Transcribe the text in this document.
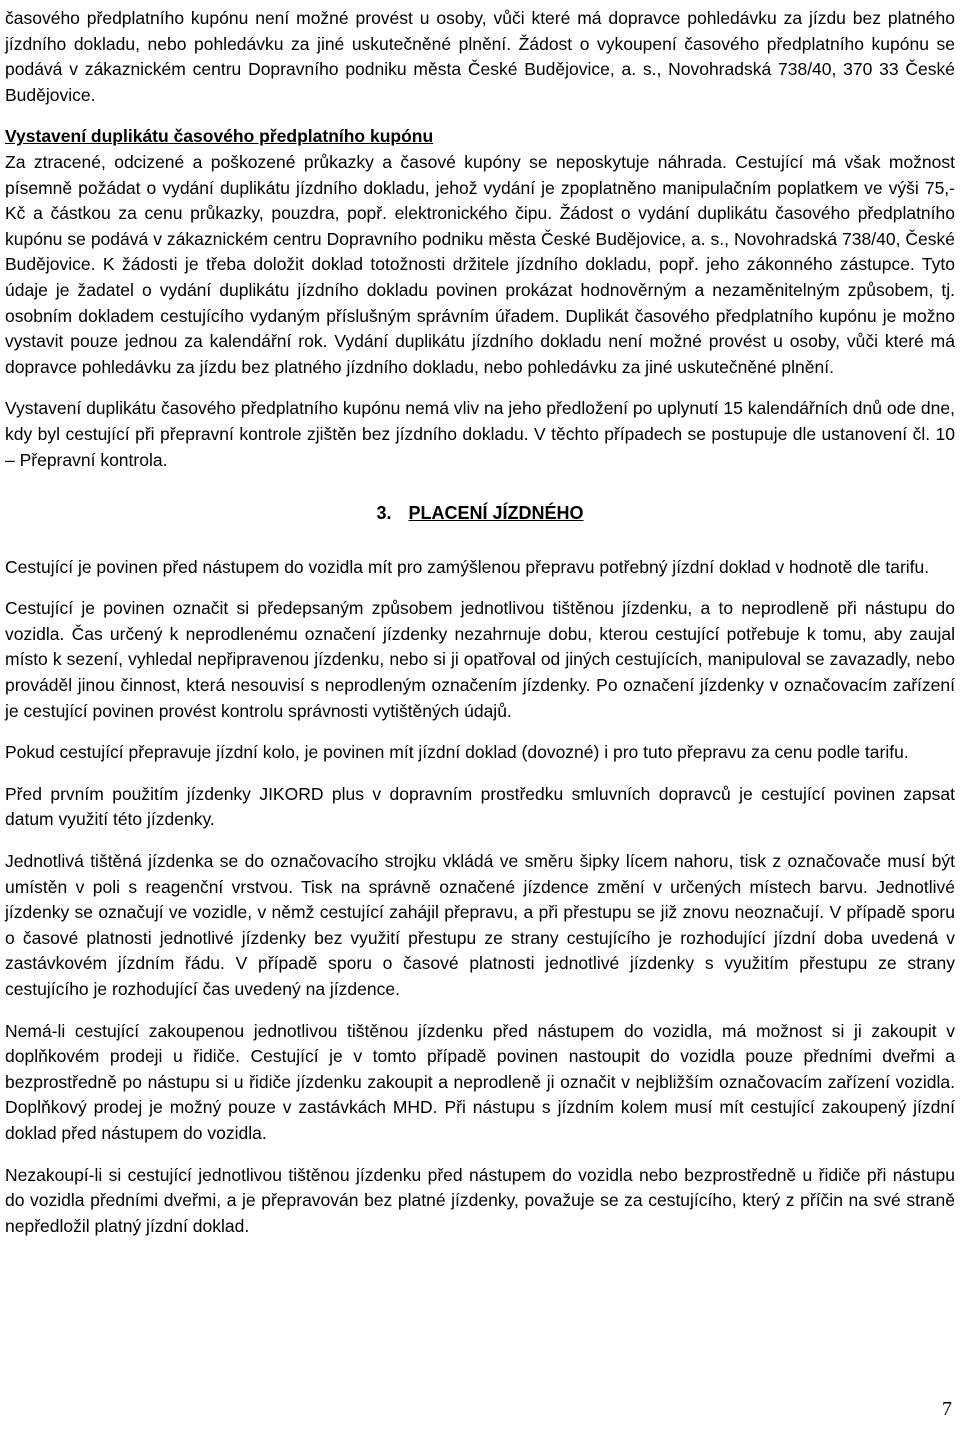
časového předplatního kupónu není možné provést u osoby, vůči které má dopravce pohledávku za jízdu bez platného jízdního dokladu, nebo pohledávku za jiné uskutečněné plnění. Žádost o vykoupení časového předplatního kupónu se podává v zákaznickém centru Dopravního podniku města České Budějovice, a. s., Novohradská 738/40, 370 33 České Budějovice.

Vystavení duplikátu časového předplatního kupónu

Za ztracené, odcizené a poškozené průkazky a časové kupóny se neposkytuje náhrada. Cestující má však možnost písemně požádat o vydání duplikátu jízdního dokladu, jehož vydání je zpoplatněno manipulačním poplatkem ve výši 75,- Kč a částkou za cenu průkazky, pouzdra, popř. elektronického čipu. Žádost o vydání duplikátu časového předplatního kupónu se podává v zákaznickém centru Dopravního podniku města České Budějovice, a. s., Novohradská 738/40, České Budějovice. K žádosti je třeba doložit doklad totožnosti držitele jízdního dokladu, popř. jeho zákonného zástupce. Tyto údaje je žadatel o vydání duplikátu jízdního dokladu povinen prokázat hodnověrným a nezaměnitelným způsobem, tj. osobním dokladem cestujícího vydaným příslušným správním úřadem. Duplikát časového předplatního kupónu je možno vystavit pouze jednou za kalendářní rok. Vydání duplikátu jízdního dokladu není možné provést u osoby, vůči které má dopravce pohledávku za jízdu bez platného jízdního dokladu, nebo pohledávku za jiné uskutečněné plnění.

Vystavení duplikátu časového předplatního kupónu nemá vliv na jeho předložení po uplynutí 15 kalendářních dnů ode dne, kdy byl cestující při přepravní kontrole zjištěn bez jízdního dokladu. V těchto případech se postupuje dle ustanovení čl. 10 – Přepravní kontrola.

3. PLACENÍ JÍZDNÉHO

Cestující je povinen před nástupem do vozidla mít pro zamýšlenou přepravu potřebný jízdní doklad v hodnotě dle tarifu.

Cestující je povinen označit si předepsaným způsobem jednotlivou tištěnou jízdenku, a to neprodleně při nástupu do vozidla. Čas určený k neprodlenému označení jízdenky nezahrnuje dobu, kterou cestující potřebuje k tomu, aby zaujal místo k sezení, vyhledal nepřipravenou jízdenku, nebo si ji opatřoval od jiných cestujících, manipuloval se zavazadly, nebo prováděl jinou činnost, která nesouvisí s neprodleným označením jízdenky. Po označení jízdenky v označovacím zařízení je cestující povinen provést kontrolu správnosti vytištěných údajů.

Pokud cestující přepravuje jízdní kolo, je povinen mít jízdní doklad (dovozné) i pro tuto přepravu za cenu podle tarifu.

Před prvním použitím jízdenky JIKORD plus v dopravním prostředku smluvních dopravců je cestující povinen zapsat datum využití této jízdenky.

Jednotlivá tištěná jízdenka se do označovacího strojku vkládá ve směru šipky lícem nahoru, tisk z označovače musí být umístěn v poli s reagenční vrstvou. Tisk na správně označené jízdence změní v určených místech barvu. Jednotlivé jízdenky se označují ve vozidle, v němž cestující zahájil přepravu, a při přestupu se již znovu neoznačují. V případě sporu o časové platnosti jednotlivé jízdenky bez využití přestupu ze strany cestujícího je rozhodující jízdní doba uvedená v zastávkovém jízdním řádu. V případě sporu o časové platnosti jednotlivé jízdenky s využitím přestupu ze strany cestujícího je rozhodující čas uvedený na jízdence.

Nemá-li cestující zakoupenou jednotlivou tištěnou jízdenku před nástupem do vozidla, má možnost si ji zakoupit v doplňkovém prodeji u řidiče. Cestující je v tomto případě povinen nastoupit do vozidla pouze předními dveřmi a bezprostředně po nástupu si u řidiče jízdenku zakoupit a neprodleně ji označit v nejbližším označovacím zařízení vozidla. Doplňkový prodej je možný pouze v zastávkách MHD. Při nástupu s jízdním kolem musí mít cestující zakoupený jízdní doklad před nástupem do vozidla.

Nezakoupí-li si cestující jednotlivou tištěnou jízdenku před nástupem do vozidla nebo bezprostředně u řidiče při nástupu do vozidla předními dveřmi, a je přepravován bez platné jízdenky, považuje se za cestujícího, který z příčin na své straně nepředložil platný jízdní doklad.

7
